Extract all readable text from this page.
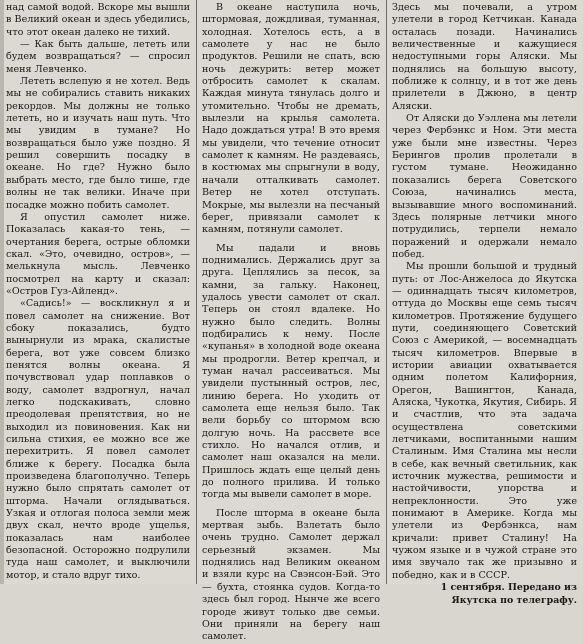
над самой водой. Вскоре мы вышли в Великий океан и здесь убедились, что этот океан далеко не тихий.

— Как быть дальше, лететь или будем возвращаться? — спросил меня Левченко.

Лететь вслепую я не хотел. Ведь мы не собирались ставить никаких рекордов. Мы должны не только лететь, но и изучать наш путь. Что мы увидим в тумане? Но возвращаться было уже поздно. Я решил совершить посадку в океане. Но где? Нужно было выбрать место, где было тише, где волны не так велики. Иначе при посадке можно побить самолет.

Я опустил самолет ниже. Показалась какая-то тень, — очертания берега, острые обломки скал. «Это, очевидно, остров», — мелькнула мысль. Левченко посмотрел на карту и сказал: «Остров Гуз-Айленд».

«Садись!» — воскликнул я и повел самолет на снижение. Вот сбоку показались, будто вынырнули из мрака, скалистые берега, вот уже совсем близко пенятся волны океана. Я почувствовал удар поплавков о воду, самолет вздрогнул, начал легко подскакивать, словно преодолевая препятствия, но не выходил из повиновения. Как ни сильна стихия, ее можно все же перехитрить. Я повел самолет ближе к берегу. Посадка была произведена благополучно. Теперь нужно было спрятать самолет от шторма. Начали оглядываться. Узкая и отлогая полоса земли меж двух скал, нечто вроде ущелья, показалась нам наиболее безопасной. Осторожно подрулили туда наш самолет, и выключили мотор, и стало вдруг тихо.

В океане наступила ночь, штормовая, дождливая, туманная, холодная. Хотелось есть, а в самолете у нас не было продуктов. Решили не спать, всю ночь дежурить: ветер может отбросить самолет к скалам. Каждая минута тянулась долго и утомительно. Чтобы не дремать, вылезли на крылья самолета. Надо дождаться утра! В это время мы увидели, что течение относит самолет к камням. Не раздеваясь, в костюмах мы спрыгнули в воду, начали отталкивать самолет. Ветер не хотел отступать. Мокрые, мы вылезли на песчаный берег, привязали самолет к камням, потянули самолет.

Мы падали и вновь поднимались. Держались друг за друга. Цеплялись за песок, за камни, за гальку. Наконец, удалось увести самолет от скал. Теперь он стоял вдалеке. Но нужно было следить. Волны подбирались к нему. После «купанья» в холодной воде океана мы продрогли. Ветер крепчал, и туман начал рассеиваться. Мы увидели пустынный остров, лес, линию берега. Но уходить от самолета еще нельзя было. Так вели борьбу со штормом всю долгую ночь. На рассвете все стихло. Но начался отлив, и самолет наш оказался на мели. Пришлось ждать еще целый день до полного прилива. И только тогда мы вывели самолет в море.

После шторма в океане была мертвая зыбь. Взлетать было очень трудно. Самолет держал серьезный экзамен. Мы поднялись над Великим океаном и взяли курс на Свэнсон-Бэй. Это — бухта, стоянка судов. Когда-то здесь был город. Нынче же всего городе живут только две семьи. Они приняли на берегу наш самолет.

Здесь мы почевали, а утром улетели в город Кетчикан. Канада осталась позади. Начинались величественные и кажущиеся недоступными горы Аляски. Мы поднялись на большую высоту, поближе к солнцу, и в тот же день прилетели в Джюно, в центр Аляски.

От Аляски до Уэллена мы летели через Фербэнкс и Ном. Эти места уже были мне известны. Через Берингов пролив пролетали в густом тумане. Неожиданно показались берега Советского Союза, начинались места, вызывавшие много воспоминаний. Здесь полярные летчики много потрудились, терпели немало поражений и одержали немало побед.

Мы прошли большой и трудный путь: от Лос-Анжелоса до Якутска — одиннадцать тысяч километров, оттуда до Москвы еще семь тысяч километров. Протяжение будущего пути, соединяющего Советский Союз с Америкой, — восемнадцать тысяч километров. Впервые в истории авиации охватывается одним полетом Калифорния, Орегон, Вашингтон, Канада, Аляска, Чукотка, Якутия, Сибирь. Я и счастлив, что эта задача осуществлена советскими летчиками, воспитанными нашим Сталиным. Имя Сталина мы несли в себе, как вечный светильник, как источник мужества, решимости и настойчивости, упорства и непреклонности. Это уже понимают в Америке. Когда мы улетели из Фербэнкса, нам кричали: привет Сталину! На чужом языке и в чужой стране это имя звучало так же призывно и победно, как и в СССР.

1 сентября. Передано из

Якутска по телеграфу.
